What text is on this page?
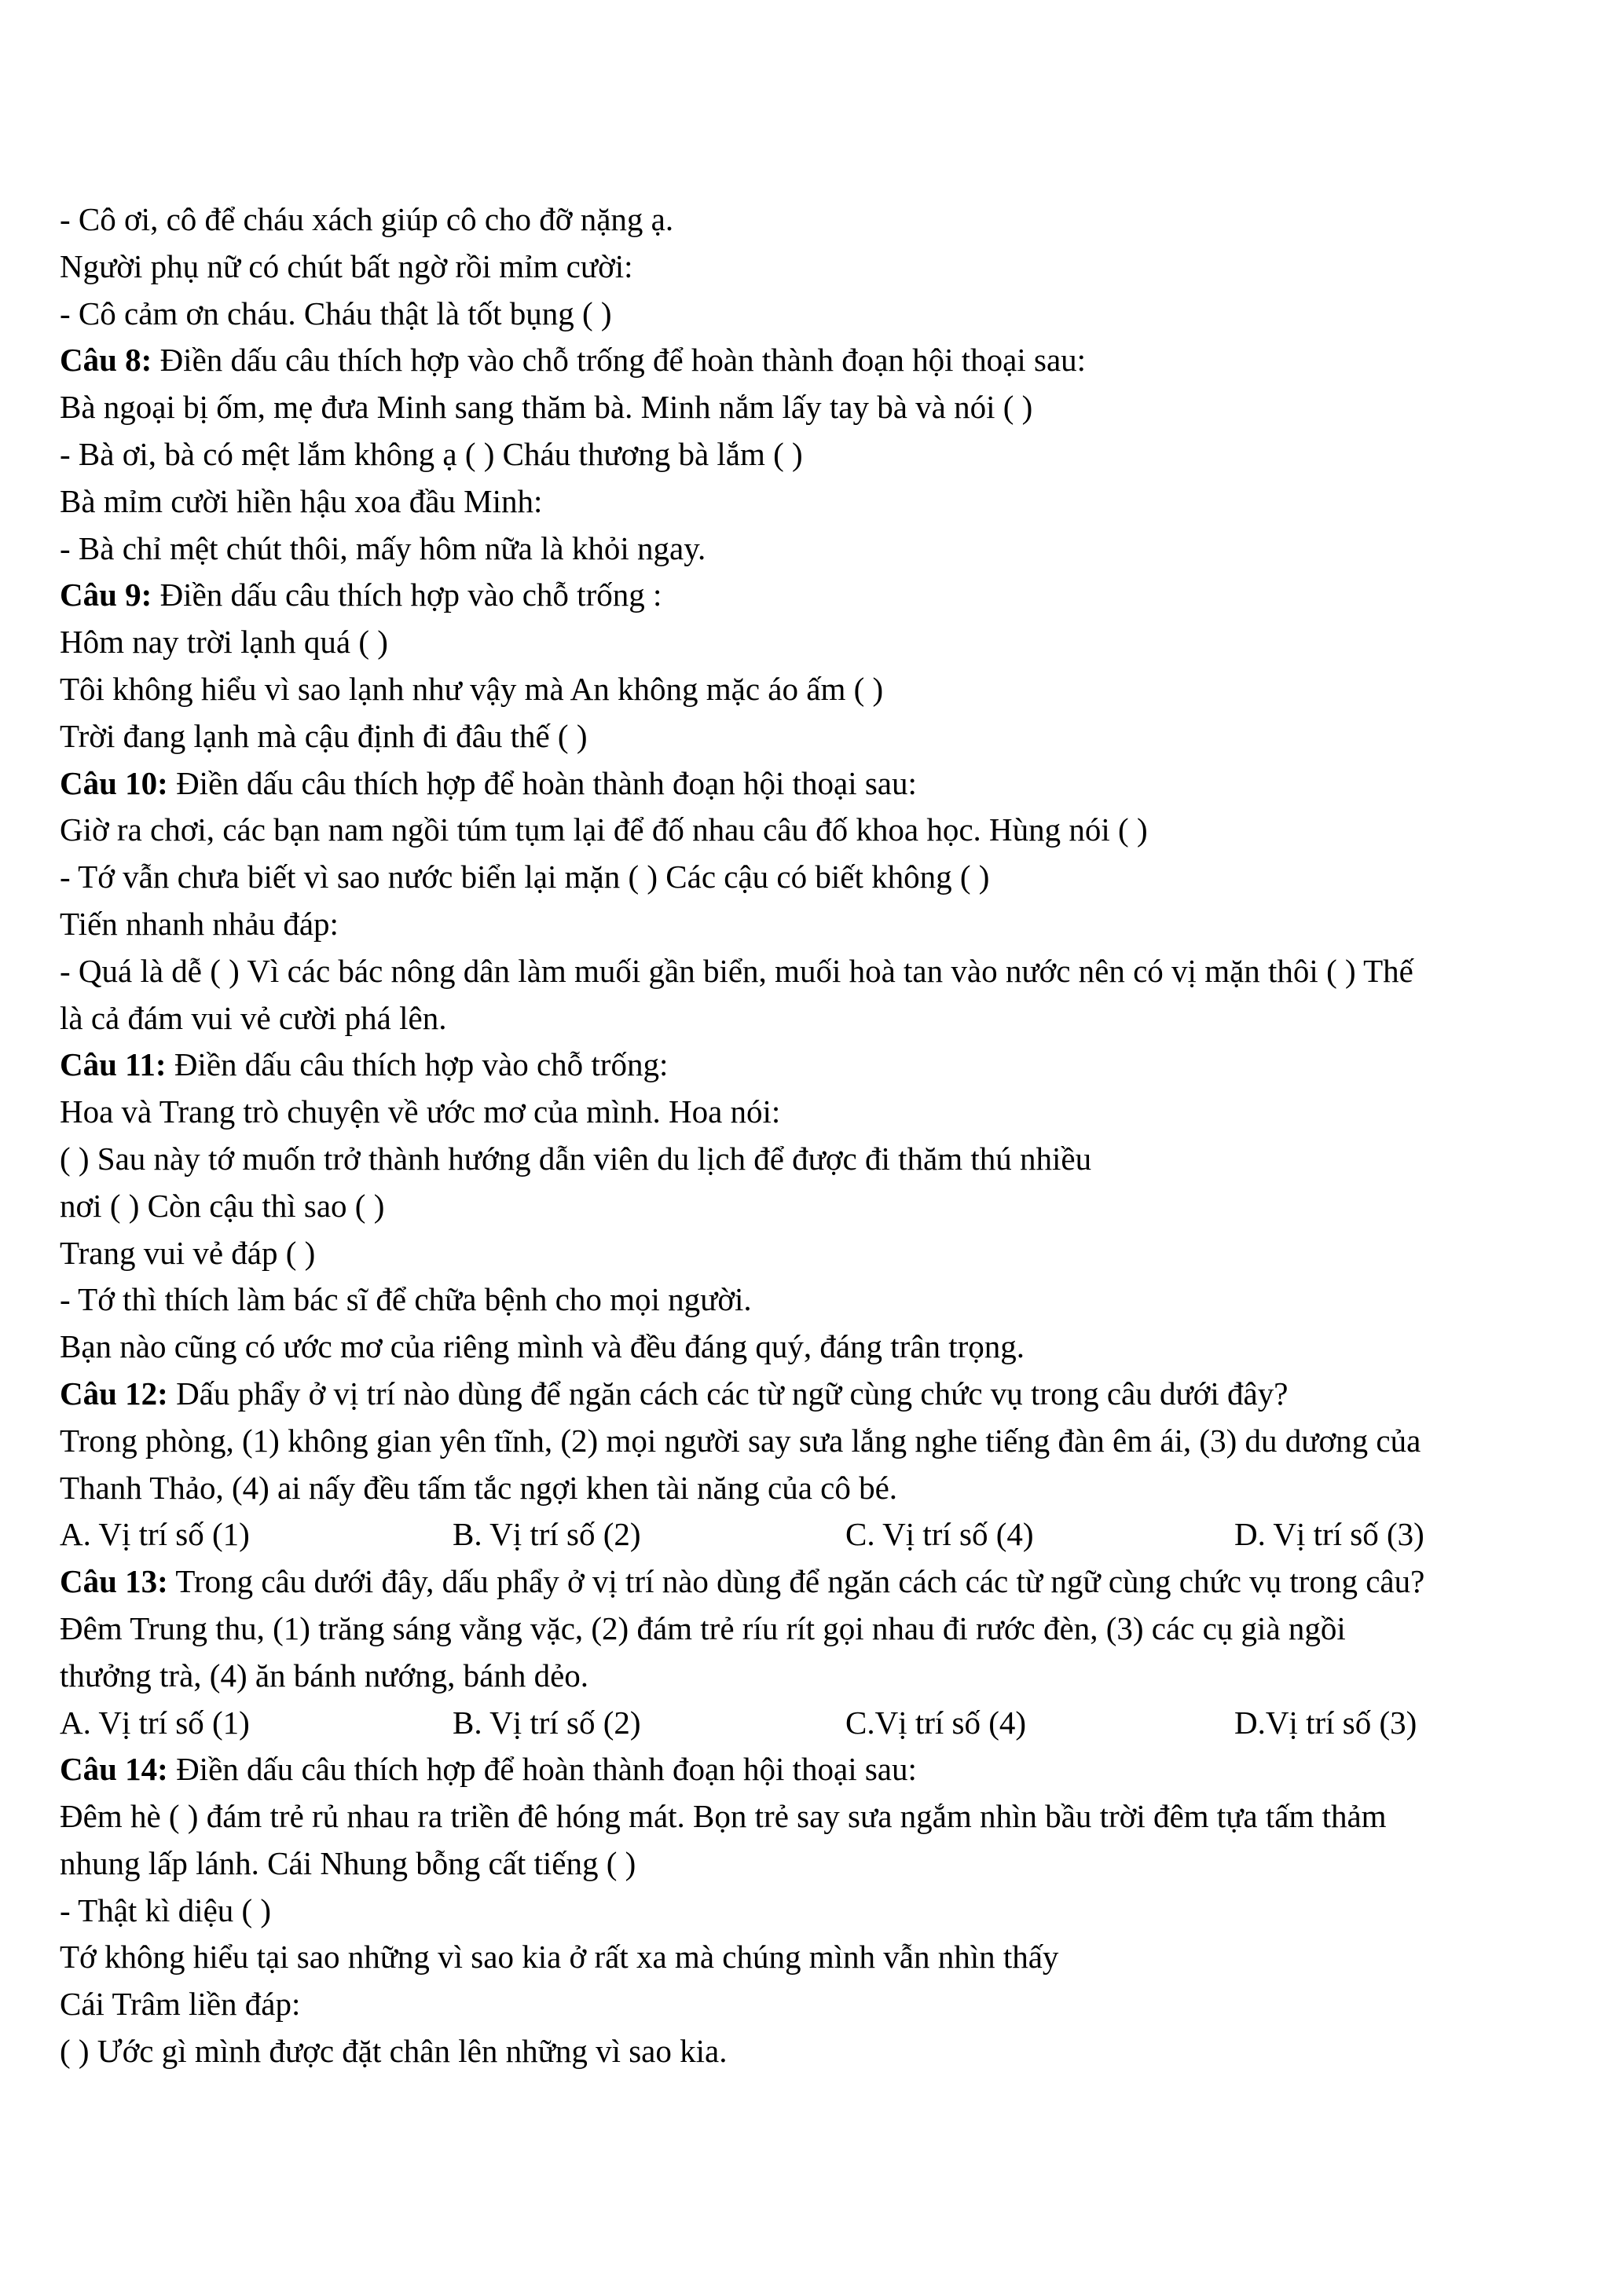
- Cô ơi, cô để cháu xách giúp cô cho đỡ nặng ạ.
Người phụ nữ có chút bất ngờ rồi mỉm cười:
- Cô cảm ơn cháu. Cháu thật là tốt bụng ( )
Câu 8: Điền dấu câu thích hợp vào chỗ trống để hoàn thành đoạn hội thoại sau:
Bà ngoại bị ốm, mẹ đưa Minh sang thăm bà. Minh nắm lấy tay bà và nói ( )
- Bà ơi, bà có mệt lắm không ạ ( ) Cháu thương bà lắm ( )
Bà mỉm cười hiền hậu xoa đầu Minh:
- Bà chỉ mệt chút thôi, mấy hôm nữa là khỏi ngay.
Câu 9: Điền dấu câu thích hợp vào chỗ trống :
Hôm nay trời lạnh quá ( )
Tôi không hiểu vì sao lạnh như vậy mà An không mặc áo ấm ( )
Trời đang lạnh mà cậu định đi đâu thế ( )
Câu 10: Điền dấu câu thích hợp để hoàn thành đoạn hội thoại sau:
Giờ ra chơi, các bạn nam ngồi túm tụm lại để đố nhau câu đố khoa học. Hùng nói ( )
- Tớ vẫn chưa biết vì sao nước biển lại mặn ( ) Các cậu có biết không ( )
Tiến nhanh nhảu đáp:
- Quá là dễ ( ) Vì các bác nông dân làm muối gần biển, muối hoà tan vào nước nên có vị mặn thôi ( ) Thế
là cả đám vui vẻ cười phá lên.
Câu 11: Điền dấu câu thích hợp vào chỗ trống:
Hoa và Trang trò chuyện về ước mơ của mình. Hoa nói:
( ) Sau này tớ muốn trở thành hướng dẫn viên du lịch để được đi thăm thú nhiều
nơi ( ) Còn cậu thì sao ( )
Trang vui vẻ đáp ( )
- Tớ thì thích làm bác sĩ để chữa bệnh cho mọi người.
Bạn nào cũng có ước mơ của riêng mình và đều đáng quý, đáng trân trọng.
Câu 12: Dấu phẩy ở vị trí nào dùng để ngăn cách các từ ngữ cùng chức vụ trong câu dưới đây?
Trong phòng, (1) không gian yên tĩnh, (2) mọi người say sưa lắng nghe tiếng đàn êm ái, (3) du dương của
Thanh Thảo, (4) ai nấy đều tấm tắc ngợi khen tài năng của cô bé.
A. Vị trí số (1)	B. Vị trí số (2)	C. Vị trí số (4)	D. Vị trí số (3)
Câu 13: Trong câu dưới đây, dấu phẩy ở vị trí nào dùng để ngăn cách các từ ngữ cùng chức vụ trong câu?
Đêm Trung thu, (1) trăng sáng vằng vặc, (2) đám trẻ ríu rít gọi nhau đi rước đèn, (3) các cụ già ngồi
thưởng trà, (4) ăn bánh nướng, bánh dẻo.
A. Vị trí số (1)	B. Vị trí số (2)	C.Vị trí số (4)	D.Vị trí số (3)
Câu 14: Điền dấu câu thích hợp để hoàn thành đoạn hội thoại sau:
Đêm hè ( ) đám trẻ rủ nhau ra triền đê hóng mát. Bọn trẻ say sưa ngắm nhìn bầu trời đêm tựa tấm thảm
nhung lấp lánh. Cái Nhung bỗng cất tiếng ( )
- Thật kì diệu ( )
Tớ không hiểu tại sao những vì sao kia ở rất xa mà chúng mình vẫn nhìn thấy
Cái Trâm liền đáp:
( ) Ước gì mình được đặt chân lên những vì sao kia.
